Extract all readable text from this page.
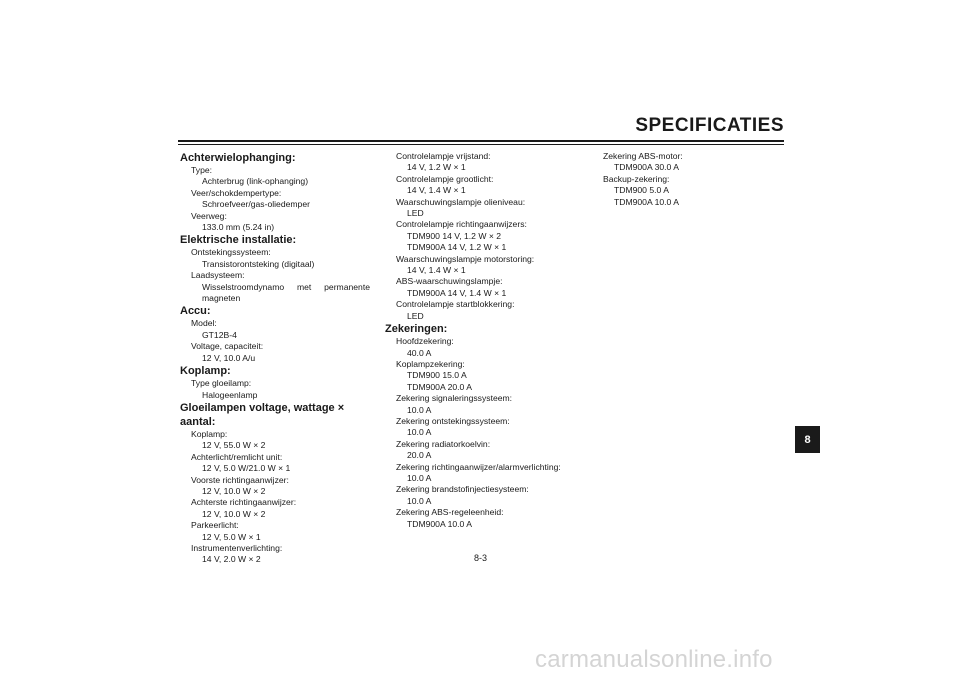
SPECIFICATIES
Achterwielophanging:
Type:
Achterbrug (link-ophanging)
Veer/schokdempertype:
Schroefveer/gas-oliedemper
Veerweg:
133.0 mm (5.24 in)
Elektrische installatie:
Ontstekingssysteem:
Transistorontsteking (digitaal)
Laadsysteem:
Wisselstroomdynamo met permanente magneten
Accu:
Model:
GT12B-4
Voltage, capaciteit:
12 V, 10.0 A/u
Koplamp:
Type gloeilamp:
Halogeenlamp
Gloeilampen voltage, wattage × aantal:
Koplamp:
12 V, 55.0 W × 2
Achterlicht/remlicht unit:
12 V, 5.0 W/21.0 W × 1
Voorste richtingaanwijzer:
12 V, 10.0 W × 2
Achterste richtingaanwijzer:
12 V, 10.0 W × 2
Parkeerlicht:
12 V, 5.0 W × 1
Instrumentenverlichting:
14 V, 2.0 W × 2
Controlelampje vrijstand:
14 V, 1.2 W × 1
Controlelampje grootlicht:
14 V, 1.4 W × 1
Waarschuwingslampje olieniveau:
LED
Controlelampje richtingaanwijzers:
TDM900 14 V, 1.2 W × 2
TDM900A 14 V, 1.2 W × 1
Waarschuwingslampje motorstoring:
14 V, 1.4 W × 1
ABS-waarschuwingslampje:
TDM900A 14 V, 1.4 W × 1
Controlelampje startblokkering:
LED
Zekeringen:
Hoofdzekering:
40.0 A
Koplampzekering:
TDM900 15.0 A
TDM900A 20.0 A
Zekering signaleringssysteem:
10.0 A
Zekering ontstekingssysteem:
10.0 A
Zekering radiatorkoelvin:
20.0 A
Zekering richtingaanwijzer/alarmverlichting:
10.0 A
Zekering brandstofinjectiesysteem:
10.0 A
Zekering ABS-regeleenheid:
TDM900A 10.0 A
Zekering ABS-motor:
TDM900A 30.0 A
Backup-zekering:
TDM900 5.0 A
TDM900A 10.0 A
8
8-3
carmanualsonline.info
